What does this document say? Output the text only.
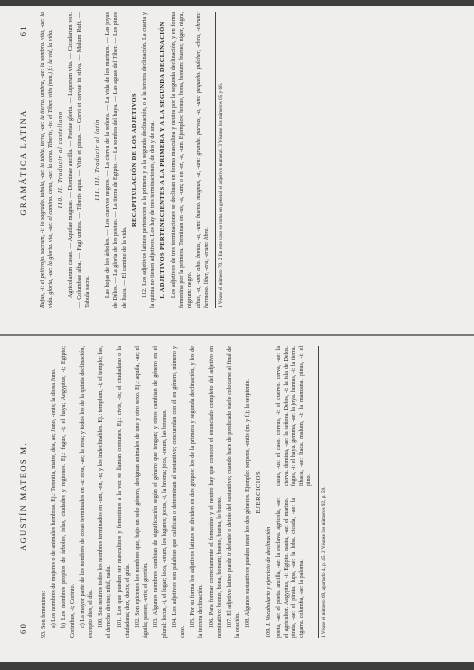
60
AGUSTÍN MATEOS M.

93. Son femeninos: a) Los nombres de mujeres o de animales hembras. Ej.: Terentia, matre, dea, ae; Juno, -onis; la diosa Juno. b) Los nombres propios de árboles, islas, ciudades y regiones. Ej.: fagus, -i; el haya; Aegyptus, -i; Egipto; Corinthus, -i; Corinto. c) La mayor parte de los nombres de cosas terminados en -a: rosa, -ae; la rosa; y todos los de la quinta declinación, excepto dies, el día. 100. Son neutros todos los nombres terminados en -um, -on, -u; y los indeclinables. Ej.: templum, -i; el templo; fas, el derecho divino; nihil, nada. 101. Los que pueden ser masculinos y femeninos a la vez se llaman comunes. Ej.: civis, -is; el ciudadano o la ciudadana; dux, ducis; el guía. 102. Son epicenos los nombres que, bajo un solo género, designan animales de uno y otro sexo. Ej.: aquila, -ae; el águila; passer, -eris; el gorrión. 103. Algunos nombres cambian de significación según el género que tengan; y otros cambian de género en el plural: locus, -i, el lugar; loca, -orum, los lugares; jocus, -i, la broma; joca, -orum, las bromas. 104. Los adjetivos son palabras que califican o determinan al sustantivo; concuerdan con él en género, número y caso.

105. Por su forma los adjetivos latinos se dividen en dos grupos: los de la primera y segunda declinación, y los de la tercera declinación. 106. Para formar correctamente el femenino y el neutro hay que conocer el enunciado completo del adjetivo en nominativo: bonus, bona, bonum; bueno, buena, lo bueno. 107. El adjetivo latino puede ir delante o detrás del sustantivo; cuando hace de predicado suele colocarse al final de la oración. 108. Algunos sustantivos pueden tener los dos géneros. Ejemplo: serpens, -entis (m. y f.); la serpiente. EJERCICIOS

109. I. Vocabulario y ejercicio de declinación poeta, -ae: el poeta. ancilla, -ae: la esclava. agricola, -ae: el agricultor. Aegyptus, -i: Egipto. nauta, -ae: el marino. pirata, -ae: el pirata. lupa, -ae: la loba. cicada, -ae: la cigarra. columba, -ae: la paloma.
casus, -us: el caso. corvus, -i: el cuervo. cerva, -ae: la cierva. domina, -ae: la señora. Delos, -i: la isla de Delos. fagus, -i: el haya. gemma, -ae: la joya. humus, -i: la tierra. Ithaca, -ae: Ítaca. malum, -i: la manzana. pinus, -i: el pino.
1 Véase el número 69, apartado 4, p. 45. 2 Véanse los números 92, p. 59.
GRAMÁTICA LATINA
61 Rufus, -i: el pelirrojo. sacrum, -i: lo sagrado. tabula, -ae: la tabla. terra, -ae: la tierra. umbra, -ae: la sombra. vita, -ae: la vida. gloria, -ae: la gloria. via, -ae: el camino. cena, -ae: la cena. Tiberis, -is: el Tíber. vitis (mm.) f.: la vid, la viña. 110. II. Traducir al castellano Agricolarum casae. — Aquilae magnae. — Dominae ancilla. — Poetae gloria. — Luporum vita. — Cicadarum vox. — Columbae alba. — Fagi umbra. — Tiberis aqua. — Vitis et pinus. — Corvi et cervae in silva. — Malum Rufi. — Tabula sacra.

111. III. Traducir al latín Las hojas de los árboles. — Los cuervos negros. — La cierva de la señora. — La vida de los marinos. — Las joyas de Délos. — La gloria de los poetas. — La tierra de Egipto. — La sombra del haya. — Las aguas del Tíber. — Los pinos de Ítaca. — El camino de la vida.

RECAPITULACIÓN DE LOS ADJETIVOS 112. Los adjetivos latinos pertenecen a la primera y a la segunda declinación, o a la tercera declinación. La cuarta y la quinta no tienen adjetivos. Los hay de tres terminaciones, de dos y de una. I. ADJETIVOS PERTENECIENTES A LA PRIMERA Y A LA SEGUNDA DECLINACIÓN Los adjetivos de tres terminaciones se declinan en forma masculina y neutra por la segunda declinación, y en forma femenina por la primera. Terminan en -us, -a, -um; o en -er, -a, -um. Ejemplos: bonus, bona, bonum: bueno; niger, nigra, nigrum: negro. altus, -a, -um: alto. bonus, -a, -um: bueno. magnus, -a, -um: grande. parvus, -a, -um: pequeño. pulcher, -chra, -chrum: hermoso. liber, -era, -erum: libre.	1 Véase el número 70. 2 En este caso se toma en general el adjetivo numeral. 3 Véanse los números 65 y 66.
